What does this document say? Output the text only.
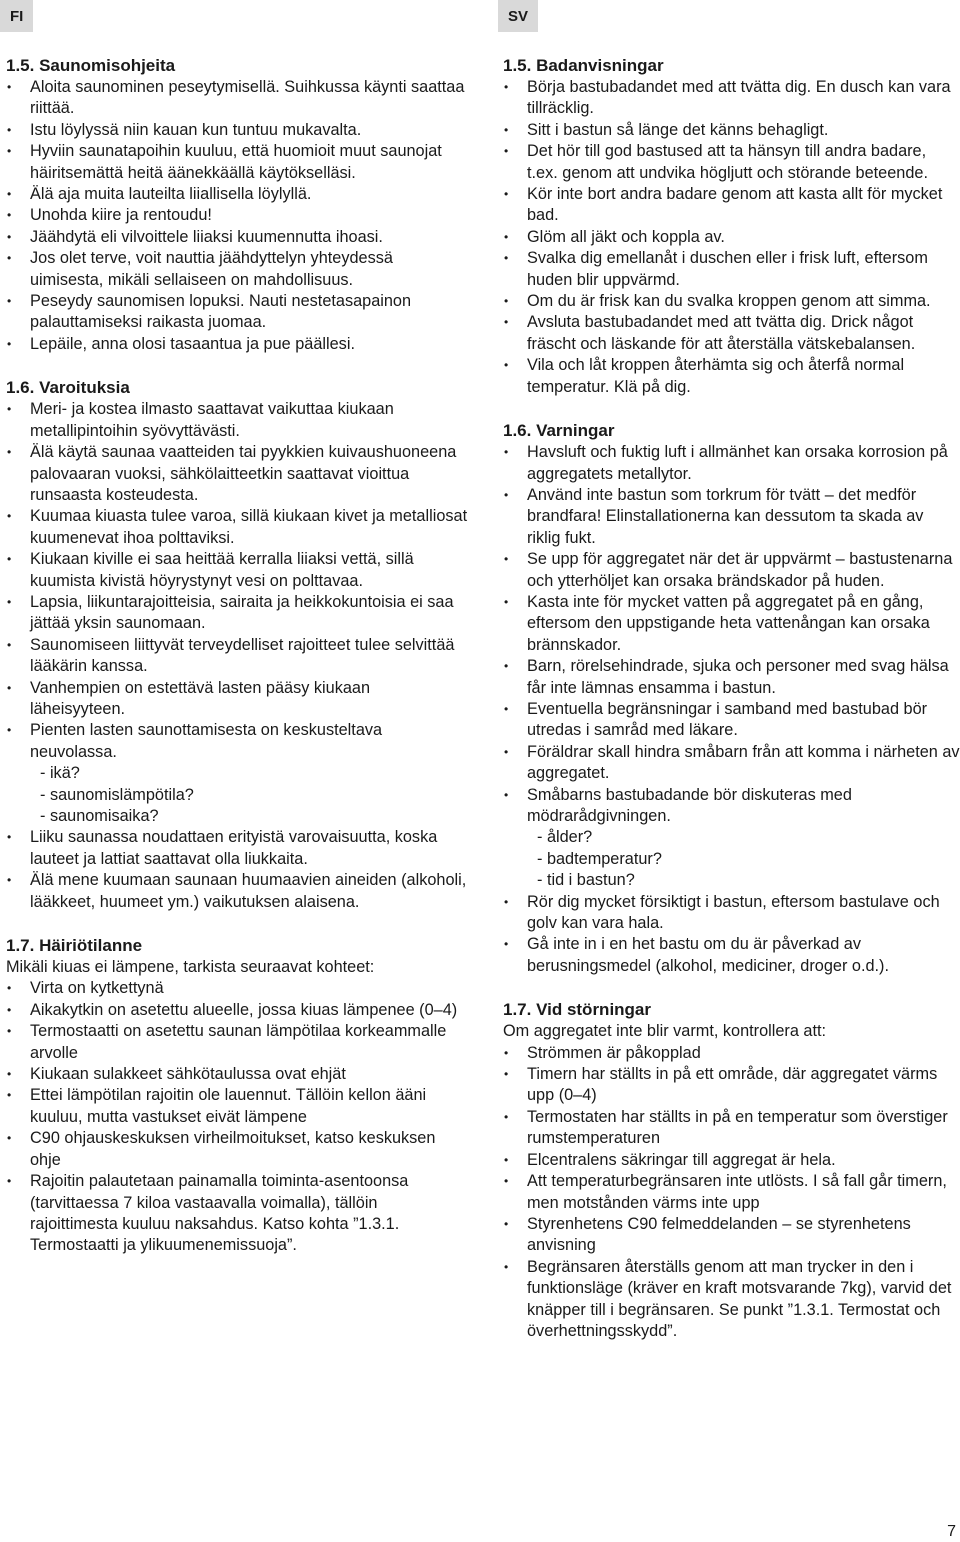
FI	SV
1.5. Saunomisohjeita
• Aloita saunominen peseytymisellä. Suihkussa käynti saattaa riittää.
• Istu löylyssä niin kauan kun tuntuu mukavalta.
• Hyviin saunatapoihin kuuluu, että huomioit muut saunojat häiritsemättä heitä äänekkäällä käytökselläsi.
• Älä aja muita lauteilta liiallisella löylyllä.
• Unohda kiire ja rentoudu!
• Jäähdytä eli vilvoittele liiaksi kuumennutta ihoasi.
• Jos olet terve, voit nauttia jäähdyttelyn yhteydessä uimisesta, mikäli sellaiseen on mahdollisuus.
• Peseydy saunomisen lopuksi. Nauti nestetasapainon palauttamiseksi raikasta juomaa.
• Lepäile, anna olosi tasaantua ja pue päällesi.
1.6. Varoituksia
• Meri- ja kostea ilmasto saattavat vaikuttaa kiukaan metallipintoihin syövyttävästi.
• Älä käytä saunaa vaatteiden tai pyykkien kuivaushuoneena palovaaran vuoksi, sähkölaitteetkin saattavat vioittua runsaasta kosteudesta.
• Kuumaa kiuasta tulee varoa, sillä kiukaan kivet ja metalliosat kuumenevat ihoa polttaviksi.
• Kiukaan kiville ei saa heittää kerralla liiaksi vettä, sillä kuumista kivistä höyrystynyt vesi on polttavaa.
• Lapsia, liikuntarajoitteisia, sairaita ja heikkokuntoisia ei saa jättää yksin saunomaan.
• Saunomiseen liittyvät terveydelliset rajoitteet tulee selvittää lääkärin kanssa.
• Vanhempien on estettävä lasten pääsy kiukaan läheisyyteen.
• Pienten lasten saunottamisesta on keskusteltava neuvolassa.
- ikä?
- saunomislämpötila?
- saunomisaika?
• Liiku saunassa noudattaen erityistä varovaisuutta, koska lauteet ja lattiat saattavat olla liukkaita.
• Älä mene kuumaan saunaan huumaavien aineiden (alkoholi, lääkkeet, huumeet ym.) vaikutuksen alaisena.
1.7. Häiriötilanne

Mikäli kiuas ei lämpene, tarkista seuraavat kohteet:

• Virta on kytkettynä
• Aikakytkin on asetettu alueelle, jossa kiuas lämpenee (0–4)
• Termostaatti on asetettu saunan lämpötilaa korkeammalle arvolle
• Kiukaan sulakkeet sähkötaulussa ovat ehjät
• Ettei lämpötilan rajoitin ole lauennut. Tällöin kellon ääni kuuluu, mutta vastukset eivät lämpene
• C90 ohjauskeskuksen virheilmoitukset, katso keskuksen ohje
• Rajoitin palautetaan painamalla toiminta-asentoonsa (tarvittaessa 7 kiloa vastaavalla voimalla), tällöin rajoittimesta kuuluu naksahdus. Katso kohta ”1.3.1. Termostaatti ja ylikuumenemissuoja”.
1.5. Badanvisningar
• Börja bastubadandet med att tvätta dig. En dusch kan vara tillräcklig.
• Sitt i bastun så länge det känns behagligt.
• Det hör till god bastused att ta hänsyn till andra badare, t.ex. genom att undvika högljutt och störande beteende.
• Kör inte bort andra badare genom att kasta allt för mycket bad.
• Glöm all jäkt och koppla av.
• Svalka dig emellanåt i duschen eller i frisk luft, eftersom huden blir uppvärmd.
• Om du är frisk kan du svalka kroppen genom att simma.
• Avsluta bastubadandet med att tvätta dig. Drick något fräscht och läskande för att återställa vätskebalansen.
• Vila och låt kroppen återhämta sig och återfå normal temperatur. Klä på dig.
1.6. Varningar
• Havsluft och fuktig luft i allmänhet kan orsaka korrosion på aggregatets metallytor.
• Använd inte bastun som torkrum för tvätt – det medför brandfara! Elinstallationerna kan dessutom ta skada av riklig fukt.
• Se upp för aggregatet när det är uppvärmt – bastustenarna och ytterhöljet kan orsaka brändskador på huden.
• Kasta inte för mycket vatten på aggregatet på en gång, eftersom den uppstigande heta vattenångan kan orsaka brännskador.
• Barn, rörelsehindrade, sjuka och personer med svag hälsa får inte lämnas ensamma i bastun.
• Eventuella begränsningar i samband med bastubad bör utredas i samråd med läkare.
• Föräldrar skall hindra småbarn från att komma i närheten av aggregatet.
• Småbarns bastubadande bör diskuteras med mödrarådgivningen.
- ålder?
- badtemperatur?
- tid i bastun?
• Rör dig mycket försiktigt i bastun, eftersom bastulave och golv kan vara hala.
• Gå inte in i en het bastu om du är påverkad av berusningsmedel (alkohol, mediciner, droger o.d.).
1.7. Vid störningar

Om aggregatet inte blir varmt, kontrollera att:

• Strömmen är påkopplad
• Timern har ställts in på ett område, där aggregatet värms upp (0–4)
• Termostaten har ställts in på en temperatur som överstiger rumstemperaturen
• Elcentralens säkringar till aggregat är hela.
• Att temperaturbegränsaren inte utlösts. I så fall går timern, men motstånden värms inte upp
• Styrenhetens C90 felmeddelanden – se styrenhetens anvisning
• Begränsaren återställs genom att man trycker in den i funktionsläge (kräver en kraft motsvarande 7kg), varvid det knäpper till i begränsaren. Se punkt ”1.3.1. Termostat och överhettningsskydd”.
7
